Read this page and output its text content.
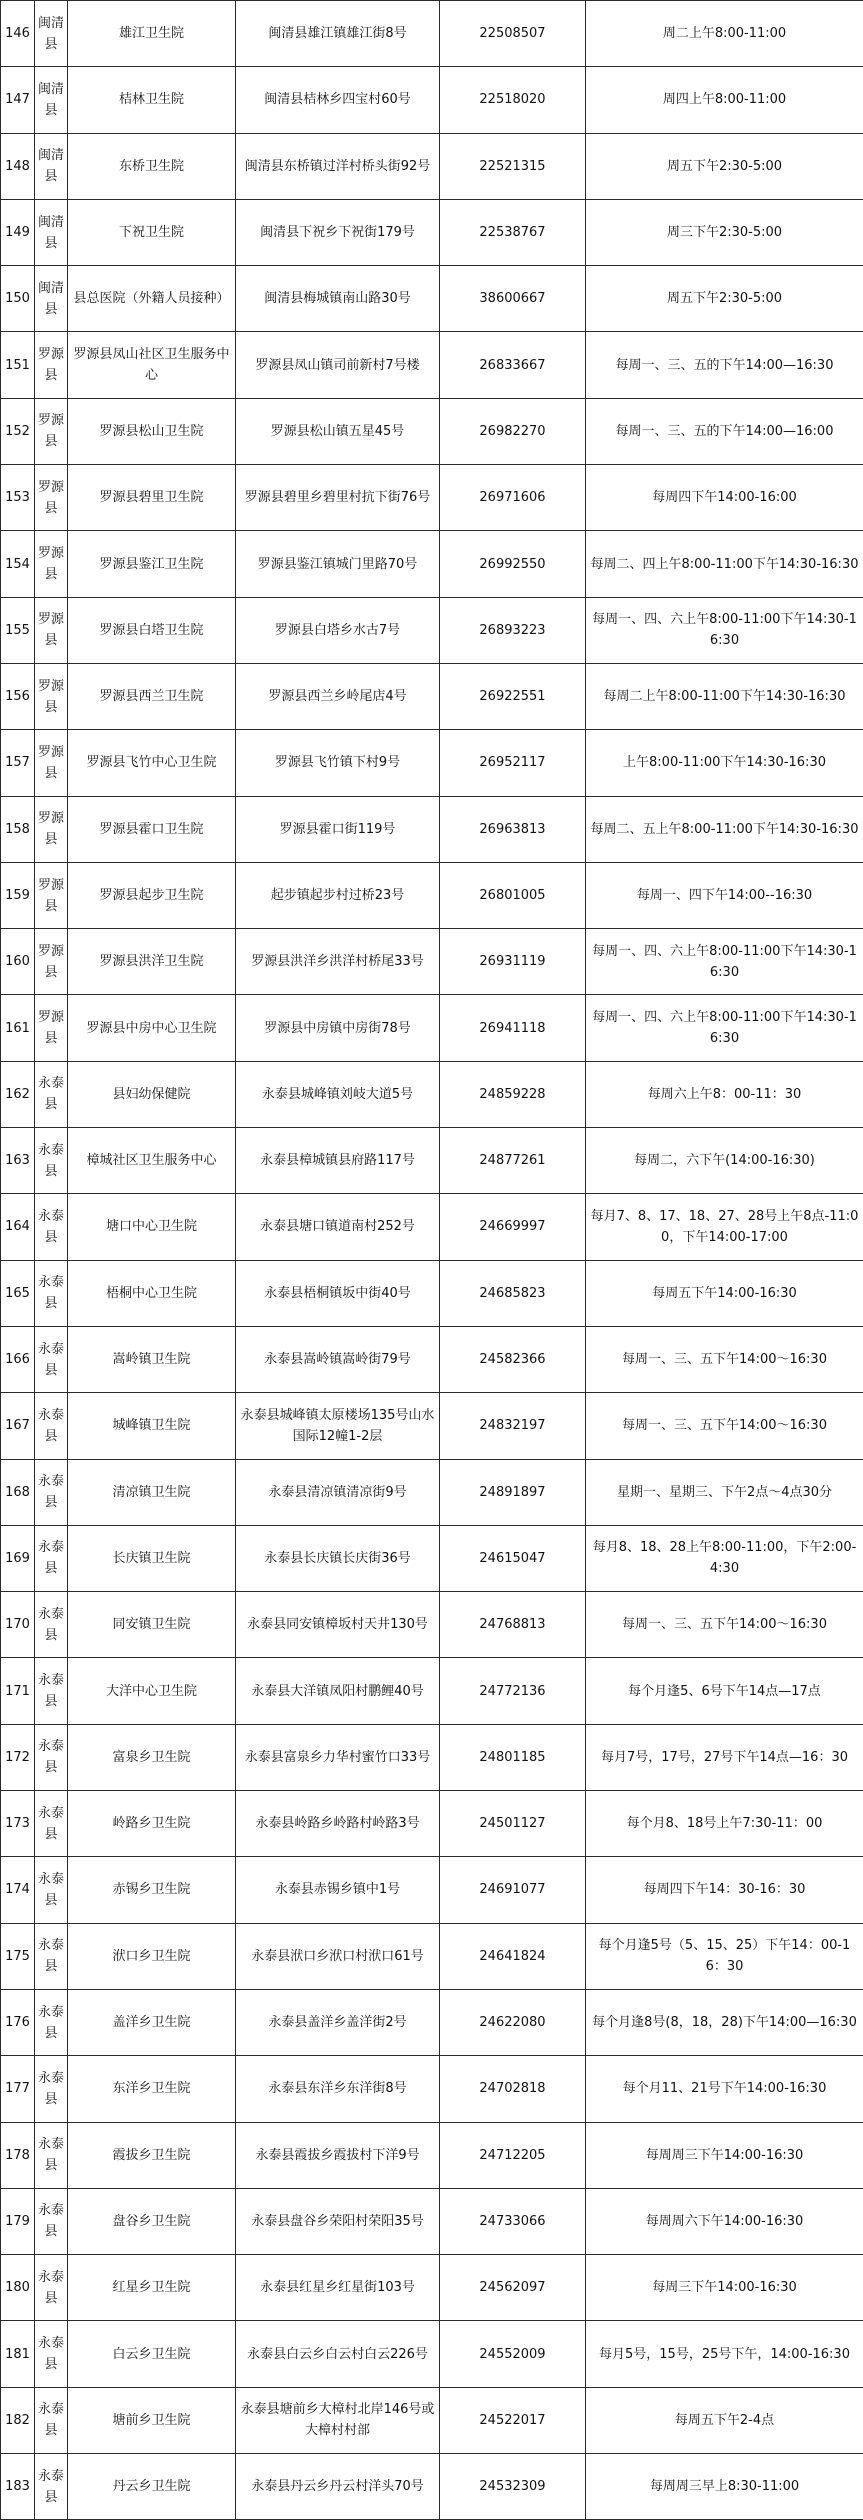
146	闽清县	雄江卫生院	闽清县雄江镇雄江街8号	22508507	周二上午8:00-11:00
147	闽清县	桔林卫生院	闽清县桔林乡四宝村60号	22518020	周四上午8:00-11:00
148	闽清县	东桥卫生院	闽清县东桥镇过洋村桥头街92号	22521315	周五下午2:30-5:00
149	闽清县	下祝卫生院	闽清县下祝乡下祝街179号	22538767	周三下午2:30-5:00
150	闽清县	县总医院（外籍人员接种）	闽清县梅城镇南山路30号	38600667	周五下午2:30-5:00
151	罗源县	罗源县凤山社区卫生服务中心	罗源县凤山镇司前新村7号楼	26833667	每周一、三、五的下午14:00—16:30
152	罗源县	罗源县松山卫生院	罗源县松山镇五星45号	26982270	每周一、三、五的下午14:00—16:00
153	罗源县	罗源县碧里卫生院	罗源县碧里乡碧里村抗下街76号	26971606	每周四下午14:00-16:00
154	罗源县	罗源县鉴江卫生院	罗源县鉴江镇城门里路70号	26992550	每周二、四上午8:00-11:00下午14:30-16:30
155	罗源县	罗源县白塔卫生院	罗源县白塔乡水古7号	26893223	每周一、四、六上午8:00-11:00下午14:30-16:30
156	罗源县	罗源县西兰卫生院	罗源县西兰乡岭尾店4号	26922551	每周二上午8:00-11:00下午14:30-16:30
157	罗源县	罗源县飞竹中心卫生院	罗源县飞竹镇下村9号	26952117	上午8:00-11:00下午14:30-16:30
158	罗源县	罗源县霍口卫生院	罗源县霍口街119号	26963813	每周二、五上午8:00-11:00下午14:30-16:30
159	罗源县	罗源县起步卫生院	起步镇起步村过桥23号	26801005	每周一、四下午14:00--16:30
160	罗源县	罗源县洪洋卫生院	罗源县洪洋乡洪洋村桥尾33号	26931119	每周一、四、六上午8:00-11:00下午14:30-16:30
161	罗源县	罗源县中房中心卫生院	罗源县中房镇中房街78号	26941118	每周一、四、六上午8:00-11:00下午14:30-16:30
162	永泰县	县妇幼保健院	永泰县城峰镇刘岐大道5号	24859228	每周六上午8：00-11：30
163	永泰县	樟城社区卫生服务中心	永泰县樟城镇县府路117号	24877261	每周二，六下午(14:00-16:30)
164	永泰县	塘口中心卫生院	永泰县塘口镇道南村252号	24669997	每月7、8、17、18、27、28号上午8点-11:00，下午14:00-17:00
165	永泰县	梧桐中心卫生院	永泰县梧桐镇坂中街40号	24685823	每周五下午14:00-16:30
166	永泰县	嵩岭镇卫生院	永泰县嵩岭镇嵩岭街79号	24582366	每周一、三、五下午14:00～16:30
167	永泰县	城峰镇卫生院	永泰县城峰镇太原楼场135号山水国际12幢1-2层	24832197	每周一、三、五下午14:00～16:30
168	永泰县	清凉镇卫生院	永泰县清凉镇清凉街9号	24891897	星期一、星期三、下午2点～4点30分
169	永泰县	长庆镇卫生院	永泰县长庆镇长庆街36号	24615047	每月8、18、28上午8:00-11:00，下午2:00-4:30
170	永泰县	同安镇卫生院	永泰县同安镇樟坂村天井130号	24768813	每周一、三、五下午14:00～16:30
171	永泰县	大洋中心卫生院	永泰县大洋镇凤阳村鹏鲤40号	24772136	每个月逢5、6号下午14点—17点
172	永泰县	富泉乡卫生院	永泰县富泉乡力华村蜜竹口33号	24801185	每月7号，17号，27号下午14点—16：30
173	永泰县	岭路乡卫生院	永泰县岭路乡岭路村岭路3号	24501127	每个月8、18号上午7:30-11：00
174	永泰县	赤锡乡卫生院	永泰县赤锡乡镇中1号	24691077	每周四下午14：30-16：30
175	永泰县	洑口乡卫生院	永泰县洑口乡洑口村洑口61号	24641824	每个月逢5号（5、15、25）下午14：00-16：30
176	永泰县	盖洋乡卫生院	永泰县盖洋乡盖洋街2号	24622080	每个月逢8号(8，18，28)下午14:00—16:30
177	永泰县	东洋乡卫生院	永泰县东洋乡东洋街8号	24702818	每个月11、21号下午14:00-16:30
178	永泰县	霞拔乡卫生院	永泰县霞拔乡霞拔村下洋9号	24712205	每周周三下午14:00-16:30
179	永泰县	盘谷乡卫生院	永泰县盘谷乡荣阳村荣阳35号	24733066	每周周六下午14:00-16:30
180	永泰县	红星乡卫生院	永泰县红星乡红星街103号	24562097	每周三下午14:00-16:30
181	永泰县	白云乡卫生院	永泰县白云乡白云村白云226号	24552009	每月5号，15号，25号下午，14:00-16:30
182	永泰县	塘前乡卫生院	永泰县塘前乡大樟村北岸146号或大樟村村部	24522017	每周五下午2-4点
183	永泰县	丹云乡卫生院	永泰县丹云乡丹云村洋头70号	24532309	每周周三早上8:30-11:00
